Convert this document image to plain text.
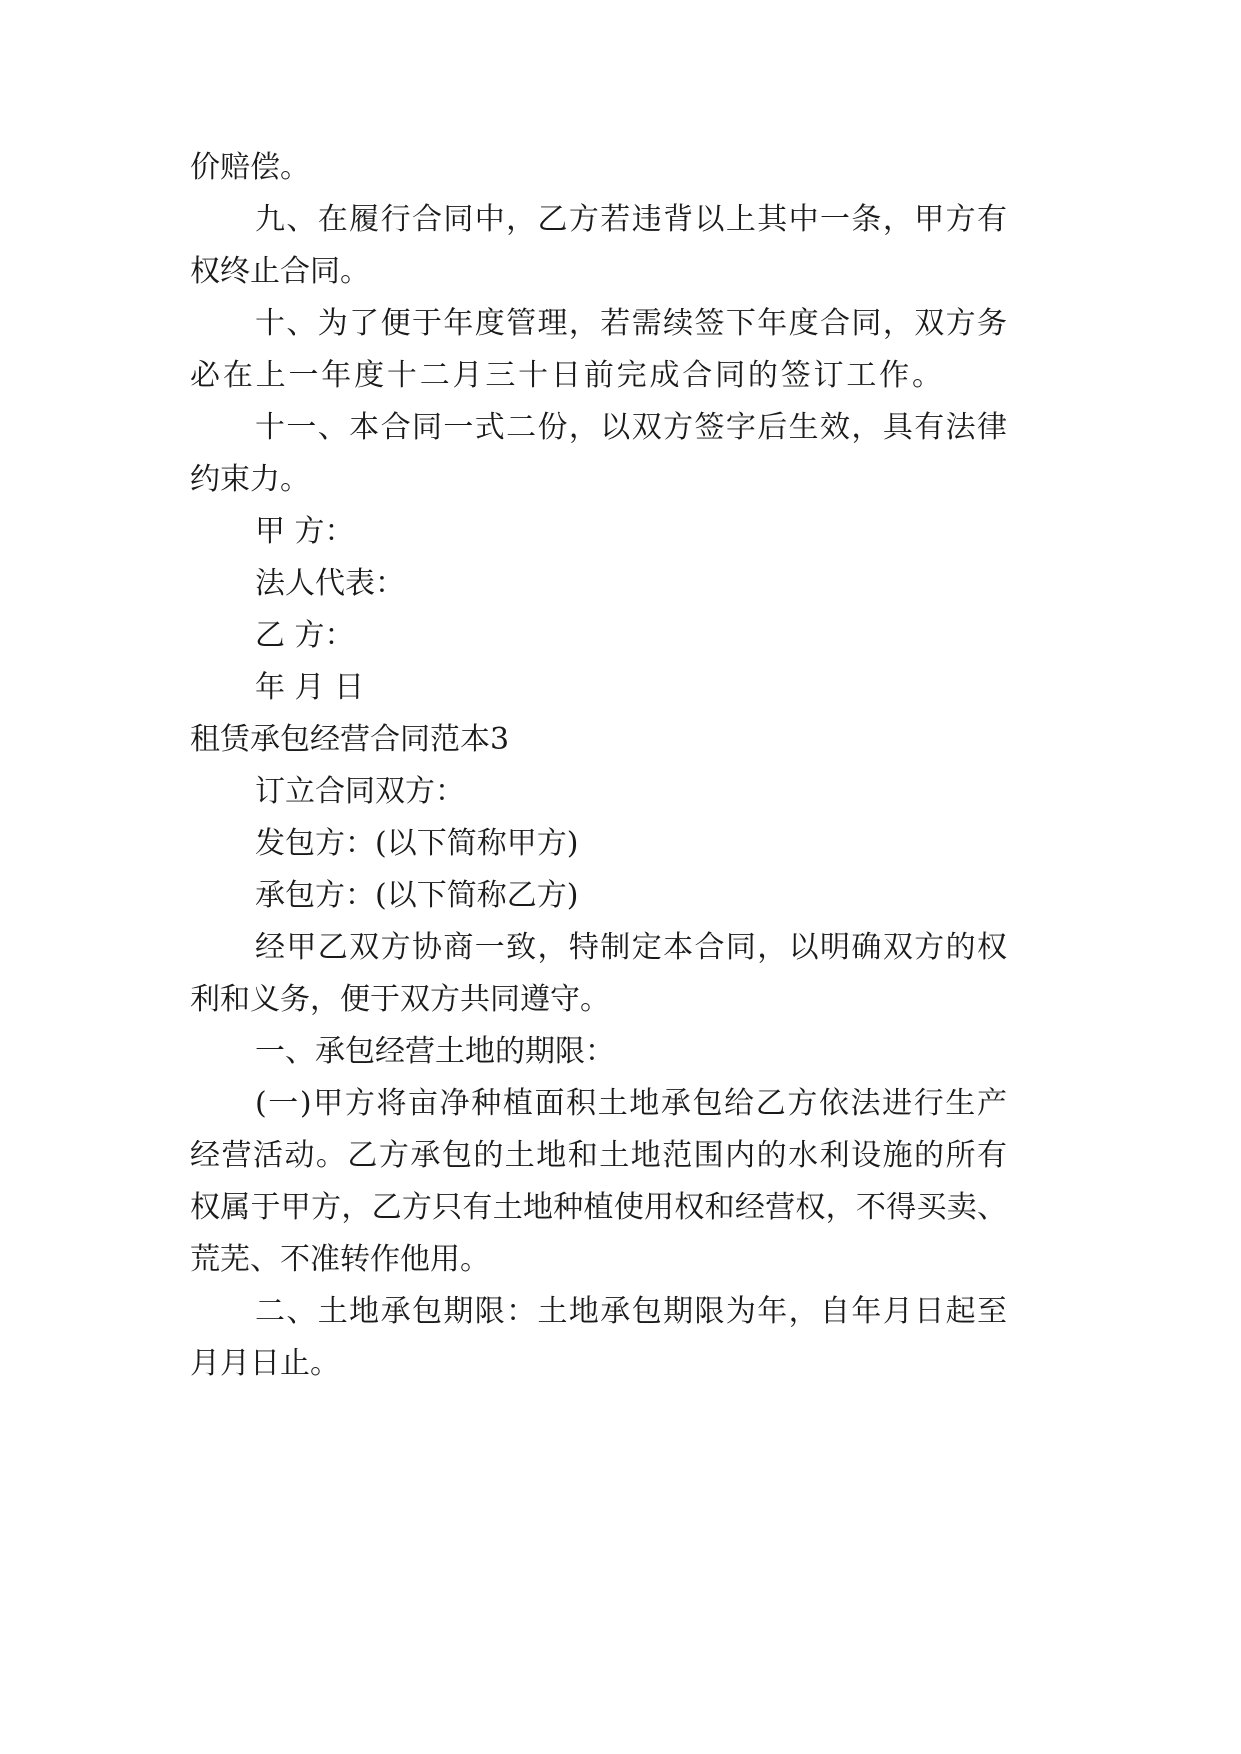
价赔偿。
九、在履行合同中，乙方若违背以上其中一条，甲方有
权终止合同。
十、为了便于年度管理，若需续签下年度合同，双方务
必在上一年度十二月三十日前完成合同的签订工作。
十一、本合同一式二份，以双方签字后生效，具有法律
约束力。
甲 方：
法人代表：
乙 方：
年 月 日
租赁承包经营合同范本3
订立合同双方：
发包方：(以下简称甲方)
承包方：(以下简称乙方)
经甲乙双方协商一致，特制定本合同，以明确双方的权
利和义务，便于双方共同遵守。
一、承包经营土地的期限：
(一)甲方将亩净种植面积土地承包给乙方依法进行生产
经营活动。乙方承包的土地和土地范围内的水利设施的所有
权属于甲方，乙方只有土地种植使用权和经营权，不得买卖、
荒芜、不准转作他用。
二、土地承包期限：土地承包期限为年，自年月日起至
月月日止。
